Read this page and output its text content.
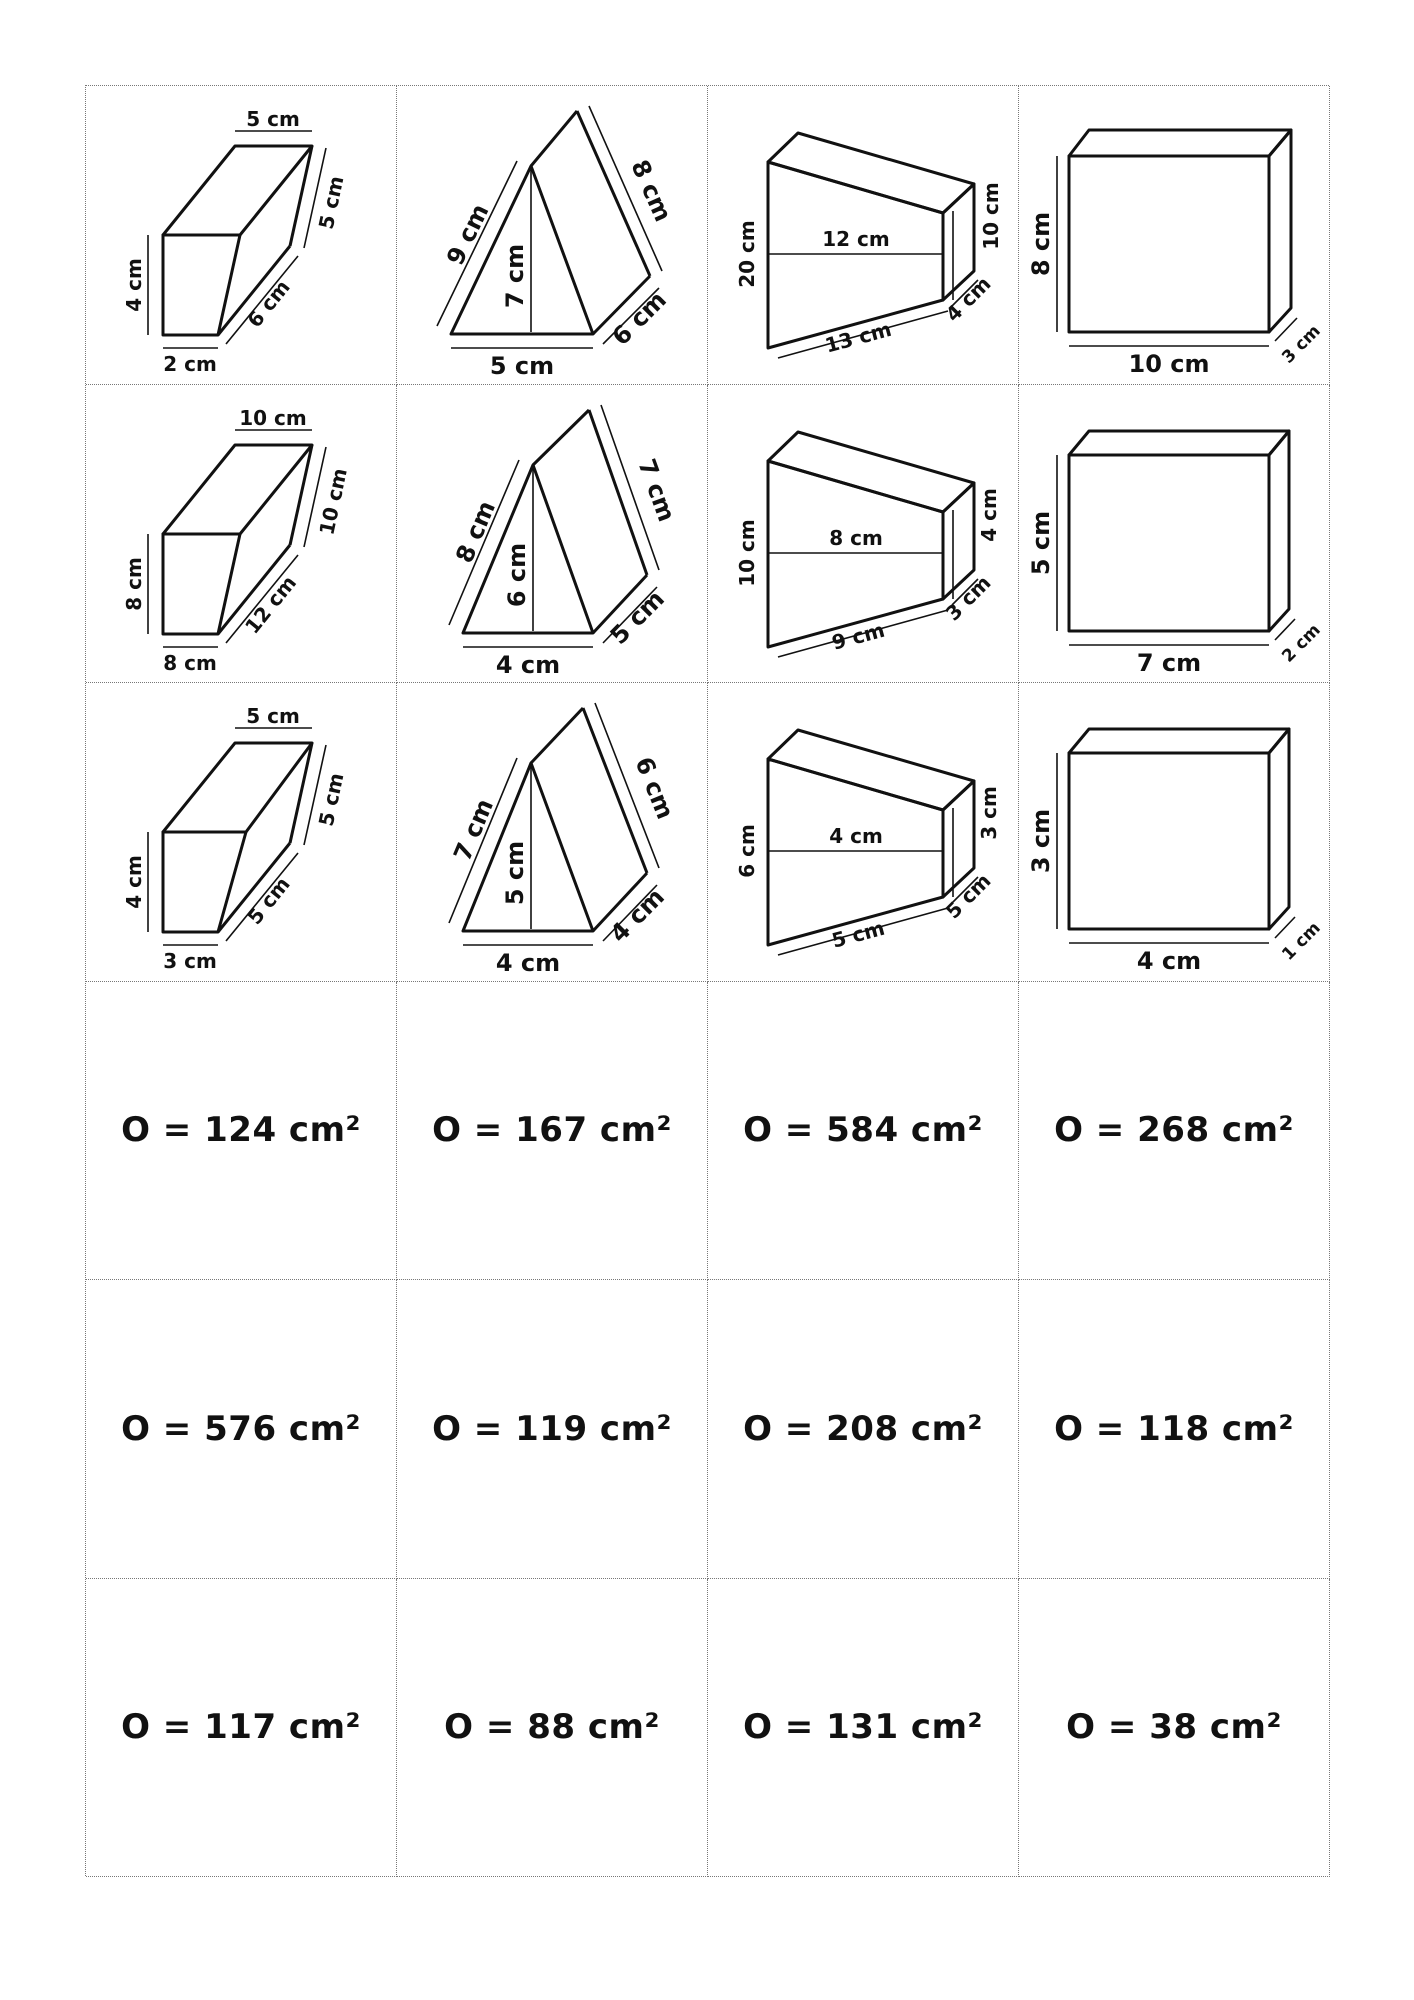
5 cm
5 cm
6 cm
4 cm
2 cm
8 cm
9 cm
7 cm
6 cm
5 cm
20 cm	12 cm	10 cm
4 cm
13 cm
8 cm
10 cm	3 cm
10 cm
10 cm
12 cm
8 cm
8 cm
7 cm
8 cm
6 cm
5 cm
4 cm
10 cm	8 cm	4 cm
3 cm
9 cm
5 cm
7 cm	2 cm
5 cm
5 cm
5 cm
4 cm
3 cm
6 cm
7 cm
5 cm
4 cm
4 cm
6 cm	4 cm	3 cm
5 cm
5 cm
3 cm
4 cm	1 cm
O = 124 cm²	O = 167 cm²	O = 584 cm²	O = 268 cm²
O = 576 cm²	O = 119 cm²	O = 208 cm²	O = 118 cm²
O = 117 cm²	O = 88 cm²	O = 131 cm²	O = 38 cm²
